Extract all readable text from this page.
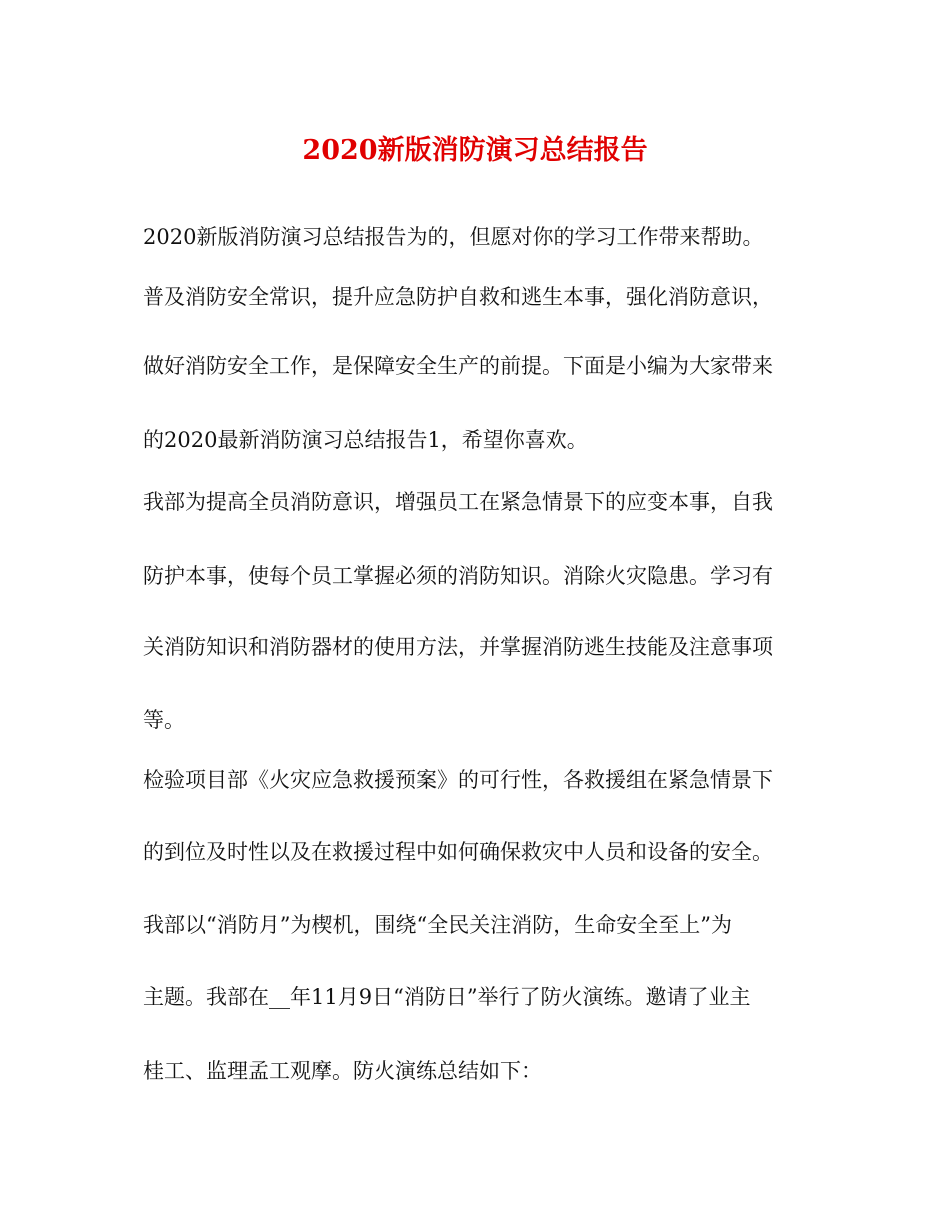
2020新版消防演习总结报告

2020新版消防演习总结报告为的，但愿对你的学习工作带来帮助。

普及消防安全常识，提升应急防护自救和逃生本事，强化消防意识，

做好消防安全工作，是保障安全生产的前提。下面是小编为大家带来

的2020最新消防演习总结报告1，希望你喜欢。

我部为提高全员消防意识，增强员工在紧急情景下的应变本事，自我

防护本事，使每个员工掌握必须的消防知识。消除火灾隐患。学习有

关消防知识和消防器材的使用方法，并掌握消防逃生技能及注意事项

等。

检验项目部《火灾应急救援预案》的可行性，各救援组在紧急情景下

的到位及时性以及在救援过程中如何确保救灾中人员和设备的安全。

我部以“消防月”为楔机，围绕“全民关注消防，生命安全至上”为

主题。我部在__年11月9日“消防日”举行了防火演练。邀请了业主

桂工、监理孟工观摩。防火演练总结如下：
